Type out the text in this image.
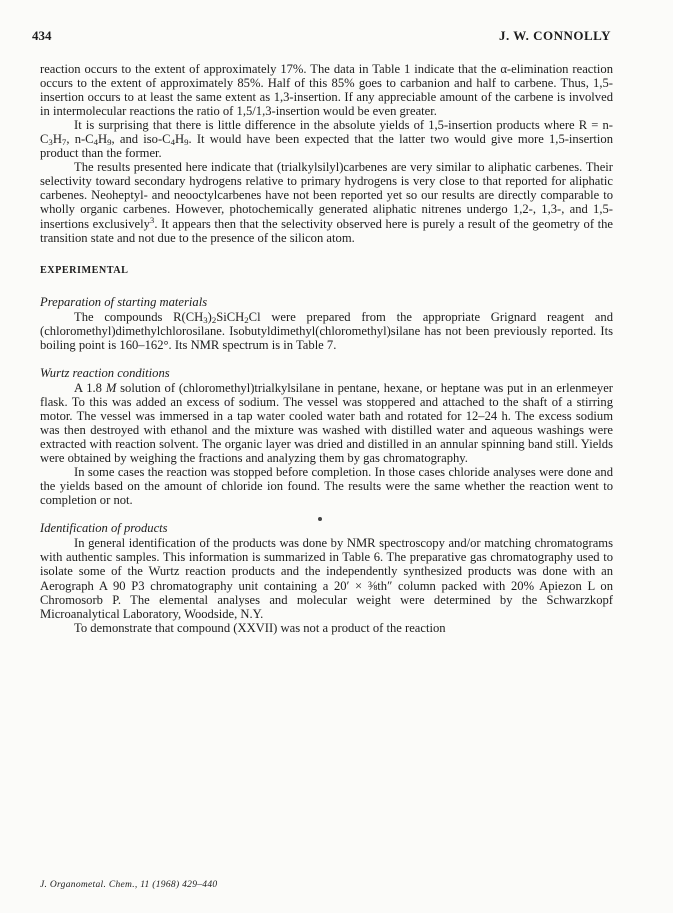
434	J. W. CONNOLLY

reaction occurs to the extent of approximately 17%. The data in Table 1 indicate that the α-elimination reaction occurs to the extent of approximately 85%. Half of this 85% goes to carbanion and half to carbene. Thus, 1,5-insertion occurs to at least the same extent as 1,3-insertion. If any appreciable amount of the carbene is involved in intermolecular reactions the ratio of 1,5/1,3-insertion would be even greater.

It is surprising that there is little difference in the absolute yields of 1,5-insertion products where $R = n-C_3H_7$, $n-C_4H_9$, and iso-$C_4H_9$. It would have been expected that the latter two would give more 1,5-insertion product than the former.

The results presented here indicate that (trialkylsilyl)carbenes are very similar to aliphatic carbenes. Their selectivity toward secondary hydrogens relative to primary hydrogens is very close to that reported for aliphatic carbenes. Neoheptyl- and neooctylcarbenes have not been reported yet so our results are directly comparable to wholly organic carbenes. However, photochemically generated aliphatic nitrenes undergo 1,2-, 1,3-, and 1,5-insertions exclusively$^3$. It appears then that the selectivity observed here is purely a result of the geometry of the transition state and not due to the presence of the silicon atom.

EXPERIMENTAL
Preparation of starting materials

The compounds $R(CH_3)_2SiCH_2Cl$ were prepared from the appropriate Grignard reagent and (chloromethyl)dimethylchlorosilane. Isobutyldimethyl(chloromethyl)silane has not been previously reported. Its boiling point is 160–162°. Its NMR spectrum is in Table 7.

Wurtz reaction conditions

A 1.8 M solution of (chloromethyl)trialkylsilane in pentane, hexane, or heptane was put in an erlenmeyer flask. To this was added an excess of sodium. The vessel was stoppered and attached to the shaft of a stirring motor. The vessel was immersed in a tap water cooled water bath and rotated for 12–24 h. The excess sodium was then destroyed with ethanol and the mixture was washed with distilled water and aqueous washings were extracted with reaction solvent. The organic layer was dried and distilled in an annular spinning band still. Yields were obtained by weighing the fractions and analyzing them by gas chromatography.

In some cases the reaction was stopped before completion. In those cases chloride analyses were done and the yields based on the amount of chloride ion found. The results were the same whether the reaction went to completion or not.

Identification of products

In general identification of the products was done by NMR spectroscopy and/or matching chromatograms with authentic samples. This information is summarized in Table 6. The preparative gas chromatography used to isolate some of the Wurtz reaction products and the independently synthesized products was done with an Aerograph A 90 P3 chromatography unit containing a 20′ × ⅜th″ column packed with 20% Apiezon L on Chromosorb P. The elemental analyses and molecular weight were determined by the Schwarzkopf Microanalytical Laboratory, Woodside, N.Y.

To demonstrate that compound (XXVII) was not a product of the reaction

J. Organometal. Chem., 11 (1968) 429–440
